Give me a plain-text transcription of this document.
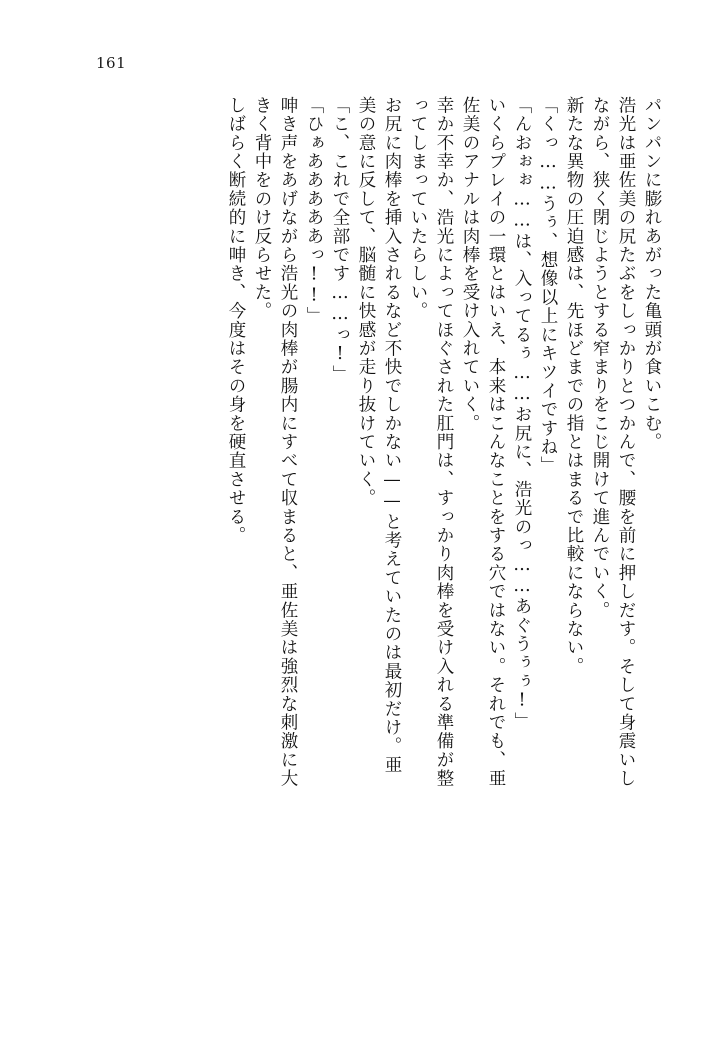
161
パンパンに膨れあがった亀頭が食いこむ。
浩光は亜佐美の尻たぶをしっかりとつかんで、腰を前に押しだす。そして身震いし
ながら、狭く閉じようとする窄まりをこじ開けて進んでいく。
新たな異物の圧迫感は、先ほどまでの指とはまるで比較にならない。
「くっ……うぅ、想像以上にキツイですね」
「んおぉぉ……は、入ってるぅ……お尻に、浩光のっ……あぐうぅぅ!」
いくらプレイの一環とはいえ、本来はこんなことをする穴ではない。それでも、亜
佐美のアナルは肉棒を受け入れていく。
幸か不幸か、浩光によってほぐされた肛門は、すっかり肉棒を受け入れる準備が整
ってしまっていたらしい。
お尻に肉棒を挿入されるなど不快でしかない——と考えていたのは最初だけ。亜
美の意に反して、脳髄に快感が走り抜けていく。
「こ、これで全部です……っ!」
「ひぁあああああっ!!」
呻き声をあげながら浩光の肉棒が腸内にすべて収まると、亜佐美は強烈な刺激に大
きく背中をのけ反らせた。
しばらく断続的に呻き、今度はその身を硬直させる。
